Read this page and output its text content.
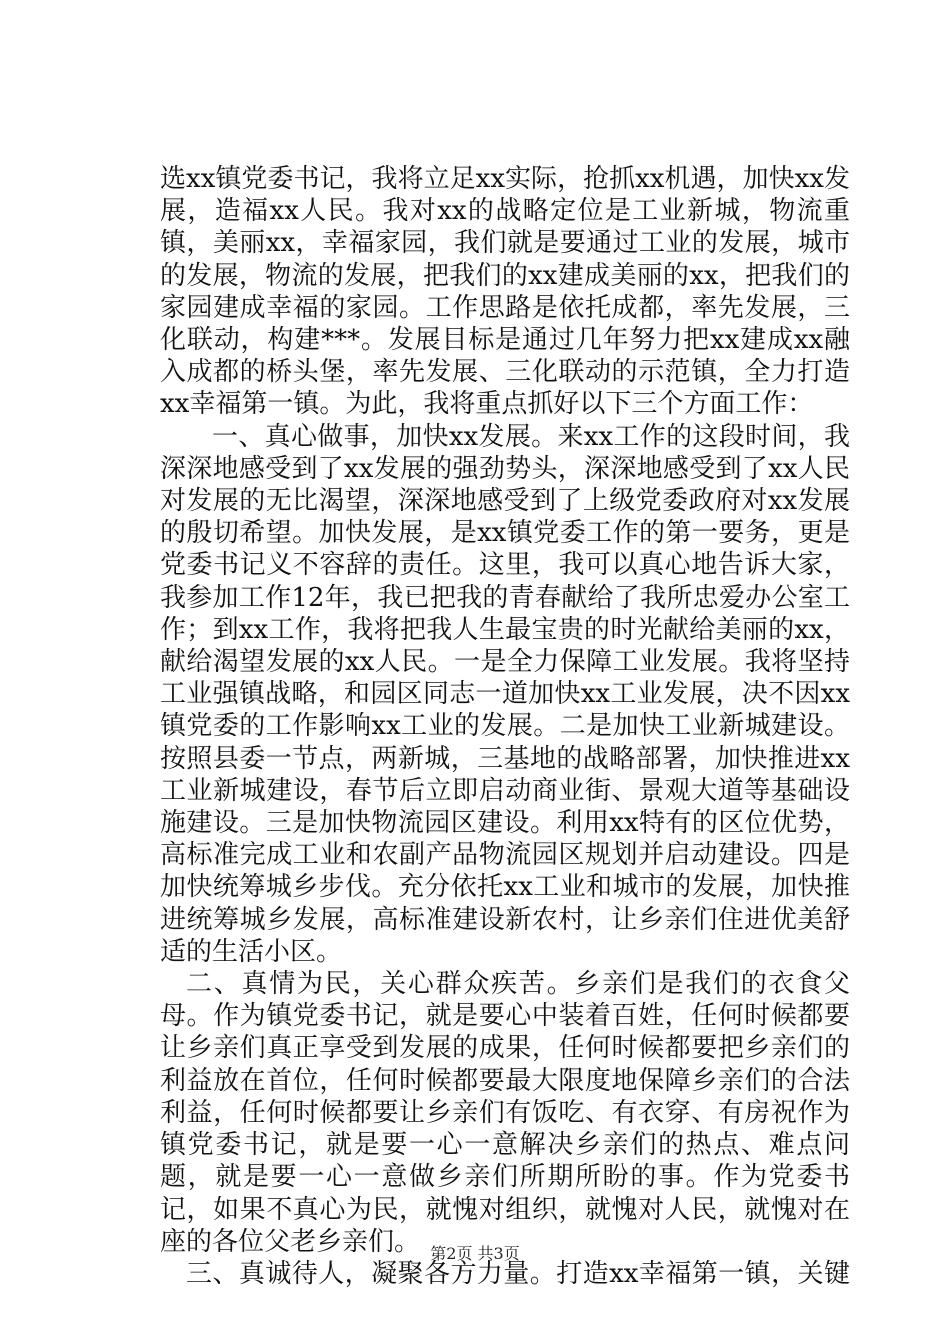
选xx镇党委书记，我将立足xx实际，抢抓xx机遇，加快xx发展，造福xx人民。我对xx的战略定位是工业新城，物流重镇，美丽xx，幸福家园，我们就是要通过工业的发展，城市的发展，物流的发展，把我们的xx建成美丽的xx，把我们的家园建成幸福的家园。工作思路是依托成都，率先发展，三化联动，构建***。发展目标是通过几年努力把xx建成xx融入成都的桥头堡，率先发展、三化联动的示范镇，全力打造xx幸福第一镇。为此，我将重点抓好以下三个方面工作：

一、真心做事，加快xx发展。来xx工作的这段时间，我深深地感受到了xx发展的强劲势头，深深地感受到了xx人民对发展的无比渴望，深深地感受到了上级党委政府对xx发展的殷切希望。加快发展，是xx镇党委工作的第一要务，更是党委书记义不容辞的责任。这里，我可以真心地告诉大家，我参加工作12年，我已把我的青春献给了我所忠爱办公室工作；到xx工作，我将把我人生最宝贵的时光献给美丽的xx，献给渴望发展的xx人民。一是全力保障工业发展。我将坚持工业强镇战略，和园区同志一道加快xx工业发展，决不因xx镇党委的工作影响xx工业的发展。二是加快工业新城建设。按照县委一节点，两新城，三基地的战略部署，加快推进xx工业新城建设，春节后立即启动商业街、景观大道等基础设施建设。三是加快物流园区建设。利用xx特有的区位优势，高标准完成工业和农副产品物流园区规划并启动建设。四是加快统筹城乡步伐。充分依托xx工业和城市的发展，加快推进统筹城乡发展，高标准建设新农村，让乡亲们住进优美舒适的生活小区。

二、真情为民，关心群众疾苦。乡亲们是我们的衣食父母。作为镇党委书记，就是要心中装着百姓，任何时候都要让乡亲们真正享受到发展的成果，任何时候都要把乡亲们的利益放在首位，任何时候都要最大限度地保障乡亲们的合法利益，任何时候都要让乡亲们有饭吃、有衣穿、有房祝作为镇党委书记，就是要一心一意解决乡亲们的热点、难点问题，就是要一心一意做乡亲们所期所盼的事。作为党委书记，如果不真心为民，就愧对组织，就愧对人民，就愧对在座的各位父老乡亲们。

三、真诚待人，凝聚各方力量。打造xx幸福第一镇，关键

第2页 共3页
